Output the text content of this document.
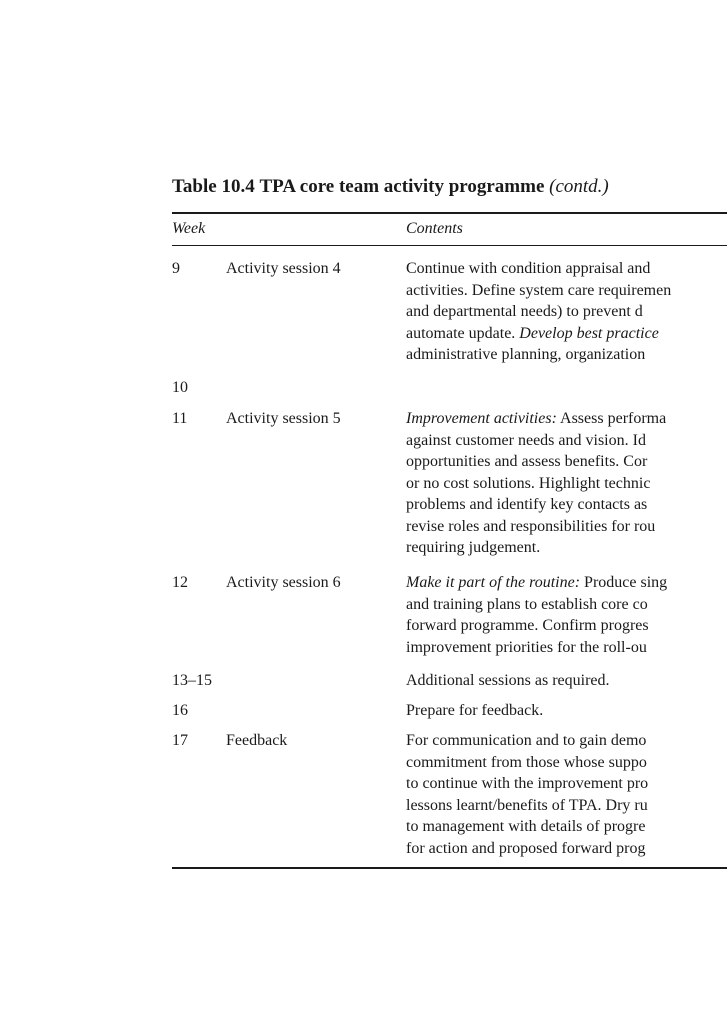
Table 10.4 TPA core team activity programme (contd.)
Week	Contents
9	Activity session 4	Continue with condition appraisal and
activities. Define system care requiremen
and departmental needs) to prevent d
automate update. Develop best practice
administrative planning, organization
10
11 Activity session 5	Improvement activities: Assess performa
against customer needs and vision. Id
opportunities and assess benefits. Cor
or no cost solutions. Highlight technic
problems and identify key contacts as
revise roles and responsibilities for rou
requiring judgement.
12 Activity session 6	Make it part of the routine: Produce sing
and training plans to establish core co
forward programme. Confirm progres
improvement priorities for the roll-ou
13–15	Additional sessions as required.
16	Prepare for feedback.
17 Feedback	For communication and to gain demo
commitment from those whose suppo
to continue with the improvement pro
lessons learnt/benefits of TPA. Dry ru
to management with details of progre
for action and proposed forward prog
